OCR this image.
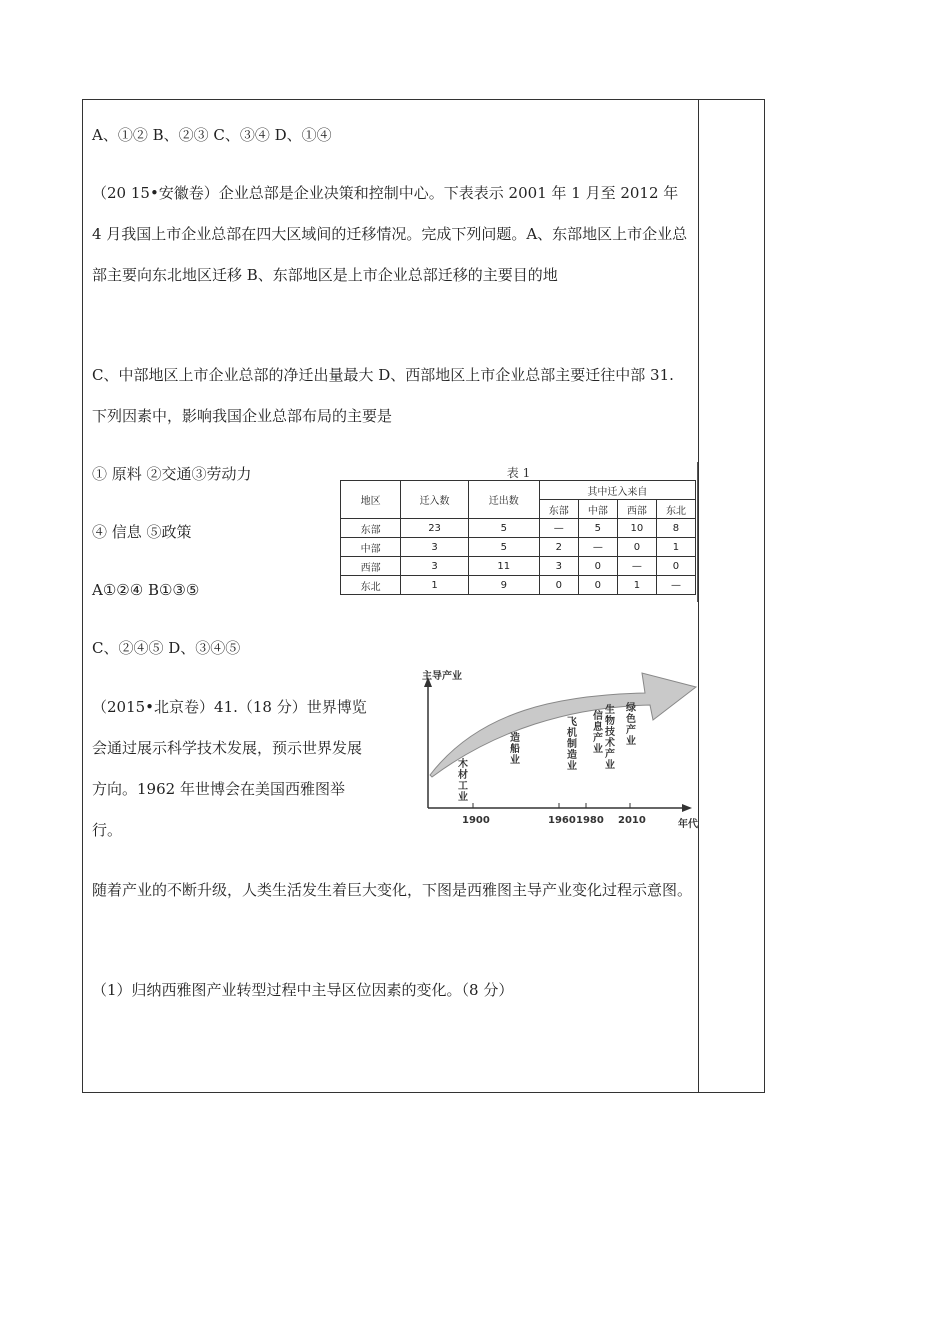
A、①② B、②③ C、③④ D、①④
（20 15•安徽卷）企业总部是企业决策和控制中心。下表表示 2001 年 1 月至 2012 年 4 月我国上市企业总部在四大区域间的迁移情况。完成下列问题。A、东部地区上市企业总部主要向东北地区迁移 B、东部地区是上市企业总部迁移的主要目的地
C、中部地区上市企业总部的净迁出量最大 D、西部地区上市企业总部主要迁往中部 31. 下列因素中，影响我国企业总部布局的主要是
① 原料 ②交通③劳动力
④ 信息 ⑤政策
A①②④ B①③⑤
C、②④⑤ D、③④⑤
表 1
地区	迁入数	迁出数	其中迁入来自			
			东部	中部	西部	东北
东部	23	5	—	5	10	8
中部	3	5	2	—	0	1
西部	3	11	3	0	—	0
东北	1	9	0	0	1	—
（2015•北京卷）41.（18 分）世界博览
会通过展示科学技术发展，预示世界发展
方向。1962 年世博会在美国西雅图举
行。
主导产业
年代
1900	1960 1980 2010
木材工业
造船业
飞机制造业
信息产业
生物技术产业
绿色产业
随着产业的不断升级，人类生活发生着巨大变化，下图是西雅图主导产业变化过程示意图。
（1）归纳西雅图产业转型过程中主导区位因素的变化。（8 分）
